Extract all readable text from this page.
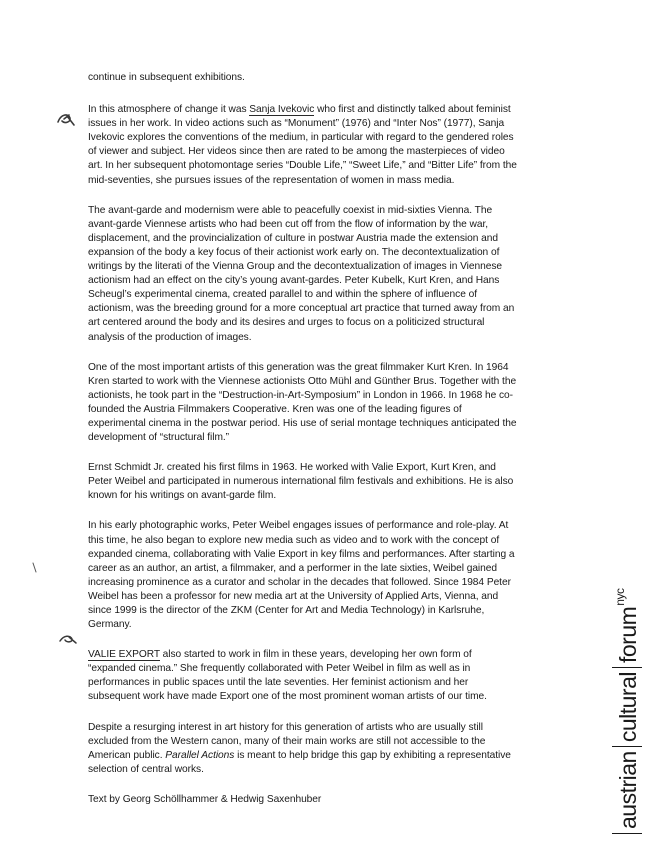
continue in subsequent exhibitions.

In this atmosphere of change it was Sanja Ivekovic who first and distinctly talked about feminist issues in her work. In video actions such as “Monument” (1976) and “Inter Nos” (1977), Sanja Ivekovic explores the conventions of the medium, in particular with regard to the gendered roles of viewer and subject. Her videos since then are rated to be among the masterpieces of video art. In her subsequent photomontage series “Double Life,” “Sweet Life,” and “Bitter Life” from the mid-seventies, she pursues issues of the representation of women in mass media.

The avant-garde and modernism were able to peacefully coexist in mid-sixties Vienna. The avant-garde Viennese artists who had been cut off from the flow of information by the war, displacement, and the provincialization of culture in postwar Austria made the extension and expansion of the body a key focus of their actionist work early on. The decontextualization of writings by the literati of the Vienna Group and the decontextualization of images in Viennese actionism had an effect on the city’s young avant-gardes. Peter Kubelk, Kurt Kren, and Hans Scheugl’s experimental cinema, created parallel to and within the sphere of influence of actionism, was the breeding ground for a more conceptual art practice that turned away from an art centered around the body and its desires and urges to focus on a politicized structural analysis of the production of images.

One of the most important artists of this generation was the great filmmaker Kurt Kren. In 1964 Kren started to work with the Viennese actionists Otto Mühl and Günther Brus. Together with the actionists, he took part in the “Destruction-in-Art-Symposium” in London in 1966. In 1968 he co-founded the Austria Filmmakers Cooperative. Kren was one of the leading figures of experimental cinema in the postwar period. His use of serial montage techniques anticipated the development of “structural film.”

Ernst Schmidt Jr. created his first films in 1963. He worked with Valie Export, Kurt Kren, and Peter Weibel and participated in numerous international film festivals and exhibitions. He is also known for his writings on avant-garde film.

In his early photographic works, Peter Weibel engages issues of performance and role-play. At this time, he also began to explore new media such as video and to work with the concept of expanded cinema, collaborating with Valie Export in key films and performances. After starting a career as an author, an artist, a filmmaker, and a performer in the late sixties, Weibel gained increasing prominence as a curator and scholar in the decades that followed. Since 1984 Peter Weibel has been a professor for new media art at the University of Applied Arts, Vienna, and since 1999 is the director of the ZKM (Center for Art and Media Technology) in Karlsruhe, Germany.

VALIE EXPORT also started to work in film in these years, developing her own form of “expanded cinema.” She frequently collaborated with Peter Weibel in film as well as in performances in public spaces until the late seventies. Her feminist actionism and her subsequent work have made Export one of the most prominent woman artists of our time.

Despite a resurging interest in art history for this generation of artists who are usually still excluded from the Western canon, many of their main works are still not accessible to the American public. Parallel Actions is meant to help bridge this gap by exhibiting a representative selection of central works.

Text by Georg Schöllhammer & Hedwig Saxenhuber	austrianculturalforum$^{nyc}$
